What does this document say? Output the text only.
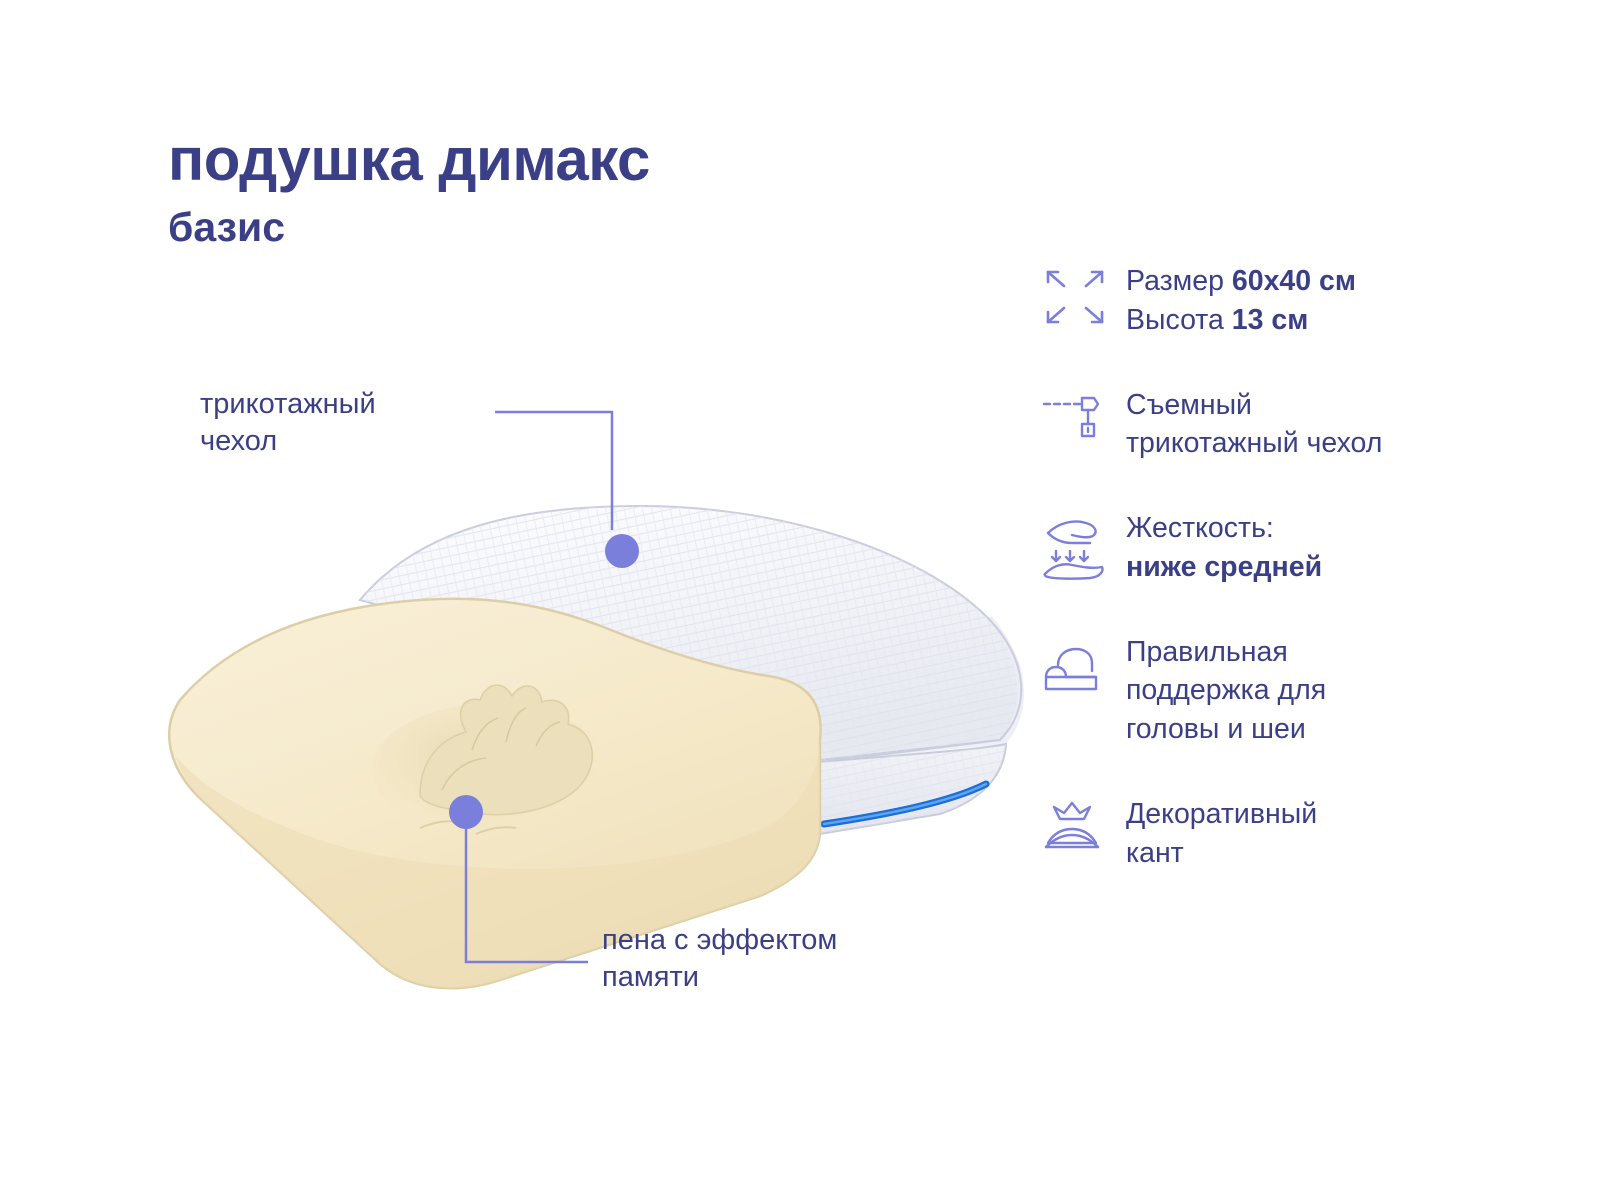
подушка димакс
базис
трикотажный
чехол
пена с эффектом
памяти
Размер 60х40 см
Высота 13 см
Съемный
трикотажный чехол
Жесткость:
ниже средней
Правильная
поддержка для
головы и шеи
Декоративный
кант
